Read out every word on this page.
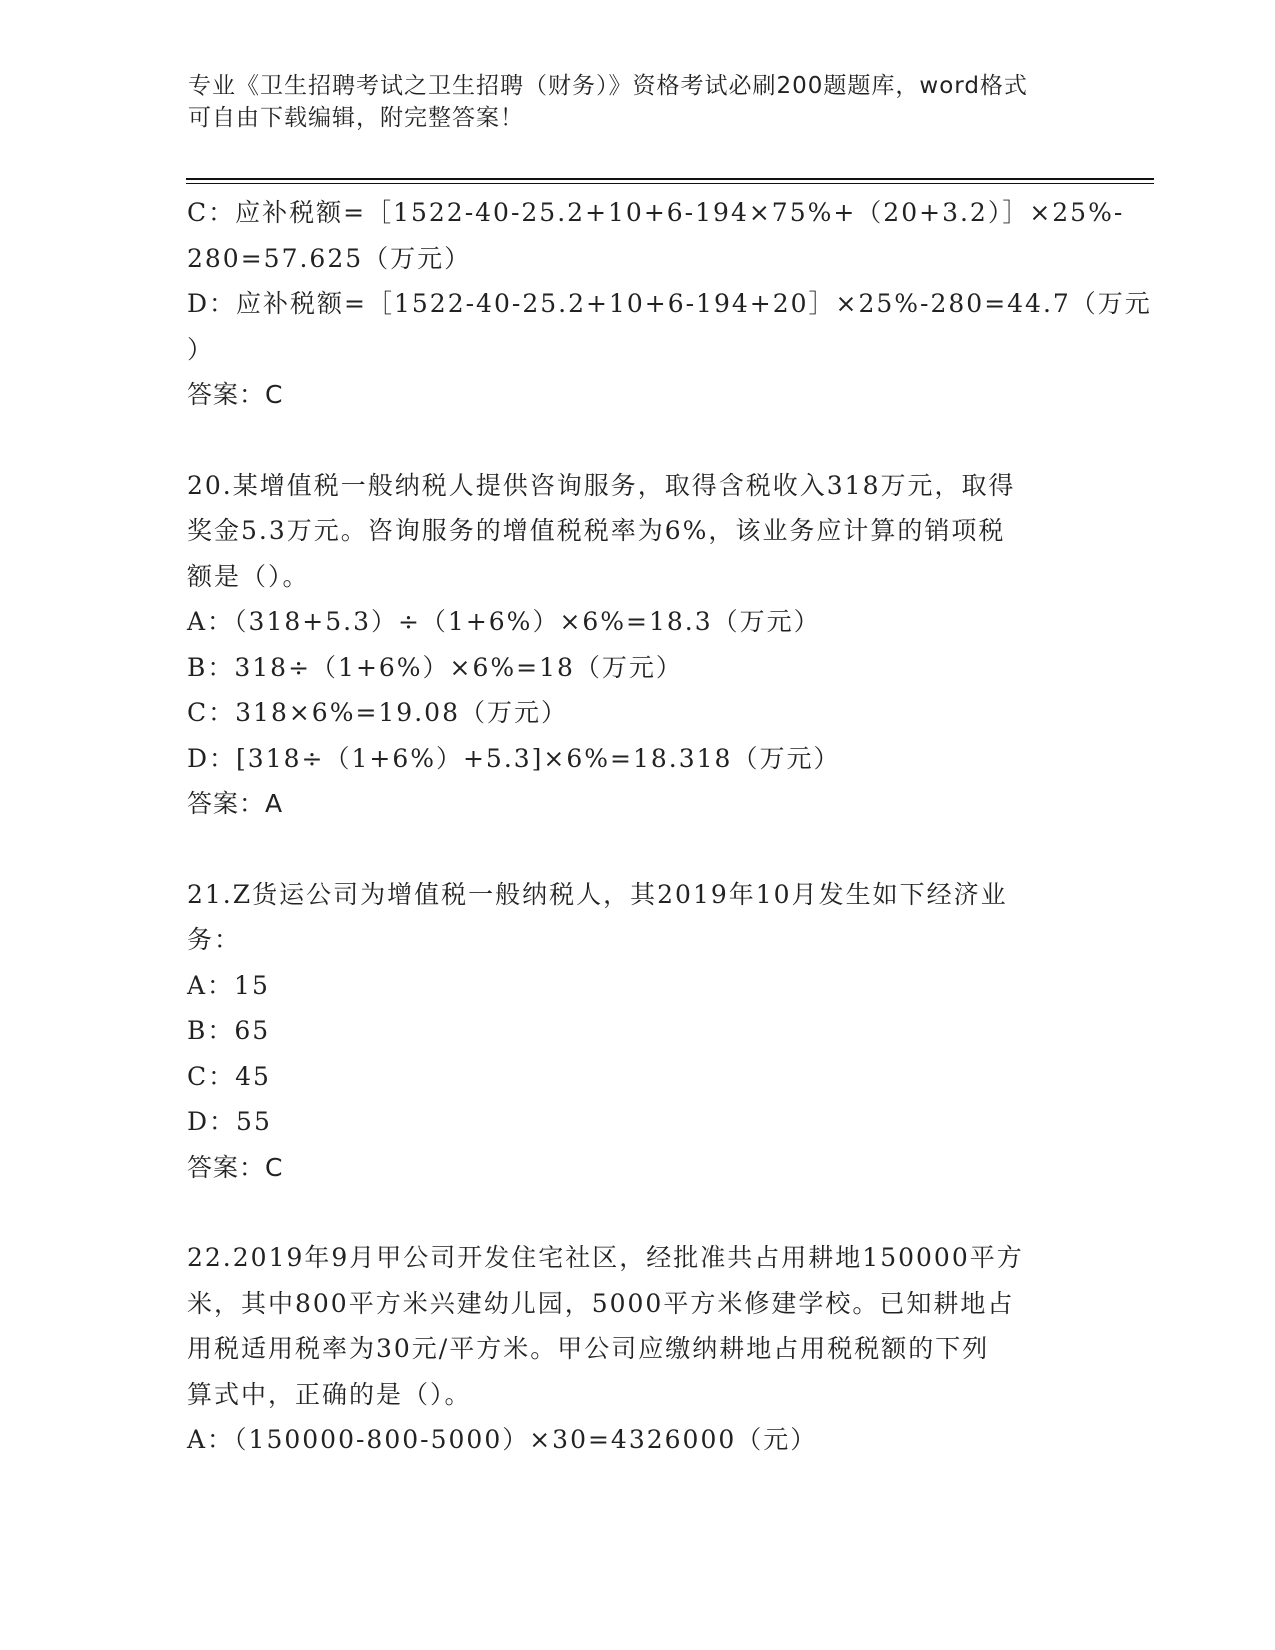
专业《卫生招聘考试之卫生招聘（财务）》资格考试必刷200题题库，word格式
可自由下载编辑，附完整答案！
C：应补税额=［1522-40-25.2+10+6-194×75%+（20+3.2）］×25%-
280=57.625（万元）
D：应补税额=［1522-40-25.2+10+6-194+20］×25%-280=44.7（万元
）
答案：C
20.某增值税一般纳税人提供咨询服务，取得含税收入318万元，取得
奖金5.3万元。咨询服务的增值税税率为6%，该业务应计算的销项税
额是（）。
A：（318+5.3）÷（1+6%）×6%=18.3（万元）
B：318÷（1+6%）×6%=18（万元）
C：318×6%=19.08（万元）
D：[318÷（1+6%）+5.3]×6%=18.318（万元）
答案：A
21.Z货运公司为增值税一般纳税人，其2019年10月发生如下经济业
务：
A：15
B：65
C：45
D：55
答案：C
22.2019年9月甲公司开发住宅社区，经批准共占用耕地150000平方
米，其中800平方米兴建幼儿园，5000平方米修建学校。已知耕地占
用税适用税率为30元/平方米。甲公司应缴纳耕地占用税税额的下列
算式中，正确的是（）。
A：（150000-800-5000）×30=4326000（元）
